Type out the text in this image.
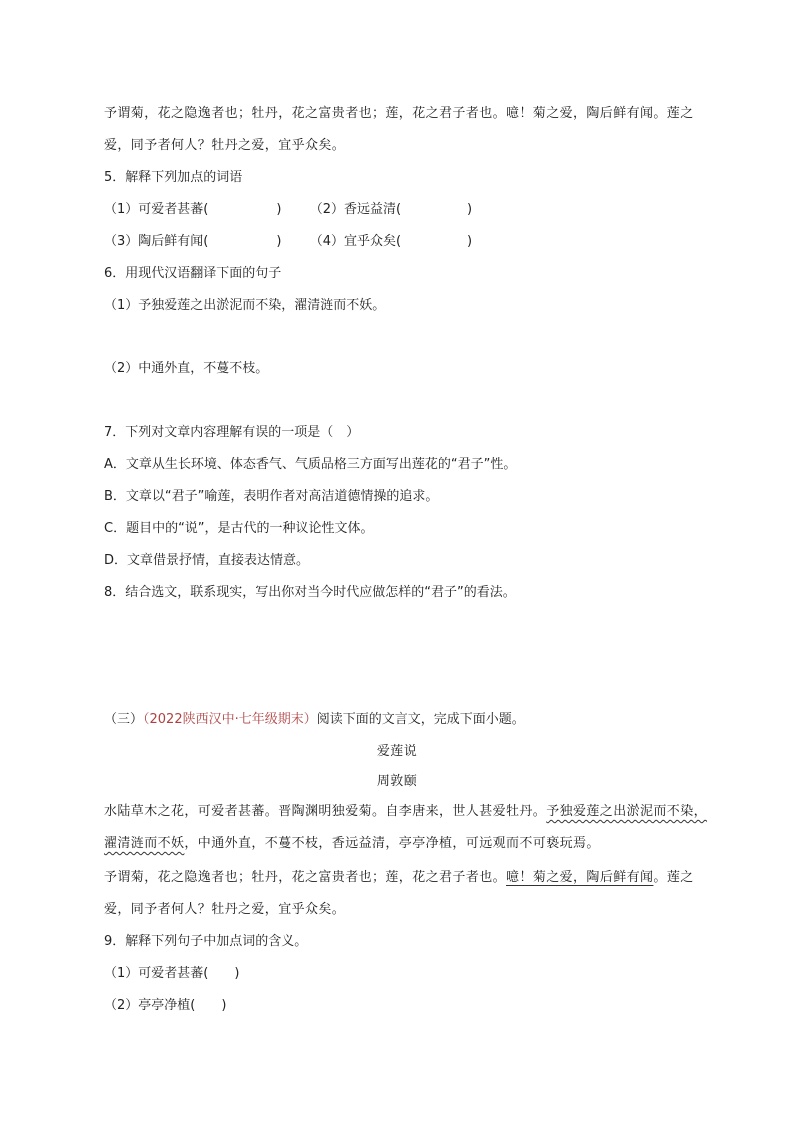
予谓菊，花之隐逸者也；牡丹，花之富贵者也；莲，花之君子者也。噫！菊之爱，陶后鲜有闻。莲之
爱，同予者何人？牡丹之爱，宜乎众矣。
5．解释下列加点的词语
（1）可爱者甚蕃(	) （2）香远益清(	)
（3）陶后鲜有闻(	) （4）宜乎众矣(	)
6．用现代汉语翻译下面的句子
（1）予独爱莲之出淤泥而不染，濯清涟而不妖。
（2）中通外直，不蔓不枝。
7．下列对文章内容理解有误的一项是（　）
A．文章从生长环境、体态香气、气质品格三方面写出莲花的“君子”性。
B．文章以“君子”喻莲，表明作者对高洁道德情操的追求。
C．题目中的“说”，是古代的一种议论性文体。
D．文章借景抒情，直接表达情意。
8．结合选文，联系现实，写出你对当今时代应做怎样的“君子”的看法。
（三）（2022陕西汉中·七年级期末）阅读下面的文言文，完成下面小题。
爱莲说
周敦颐
水陆草木之花，可爱者甚蕃。晋陶渊明独爱菊。自李唐来，世人甚爱牡丹。予独爱莲之出淤泥而不染，
濯清涟而不妖，中通外直，不蔓不枝，香远益清，亭亭净植，可远观而不可亵玩焉。
予谓菊，花之隐逸者也；牡丹，花之富贵者也；莲，花之君子者也。噫！菊之爱，陶后鲜有闻。莲之
爱，同予者何人？牡丹之爱，宜乎众矣。
9．解释下列句子中加点词的含义。
（1）可爱者甚蕃(　　)
（2）亭亭净植(　　)
